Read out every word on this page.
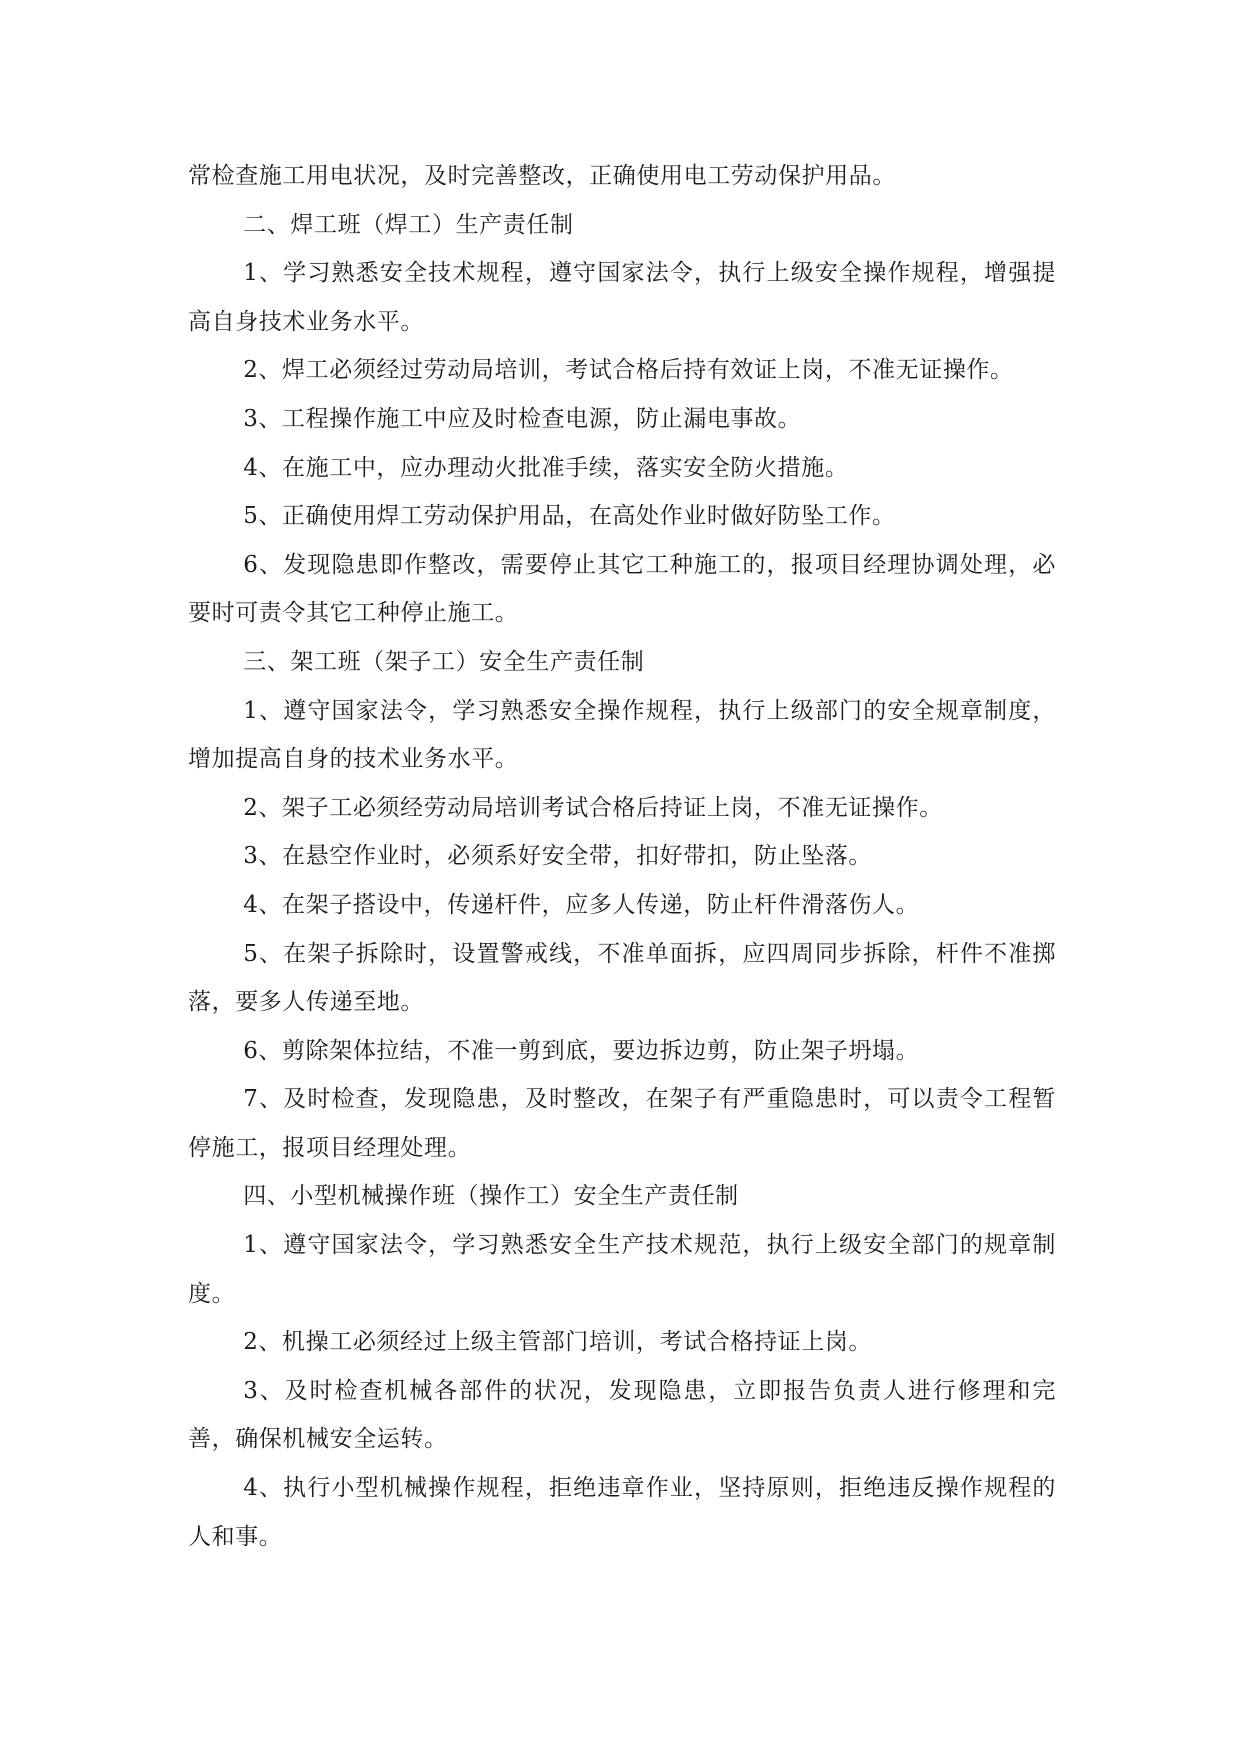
常检查施工用电状况，及时完善整改，正确使用电工劳动保护用品。

二、焊工班（焊工）生产责任制

1、学习熟悉安全技术规程，遵守国家法令，执行上级安全操作规程，增强提高自身技术业务水平。

2、焊工必须经过劳动局培训，考试合格后持有效证上岗，不准无证操作。

3、工程操作施工中应及时检查电源，防止漏电事故。

4、在施工中，应办理动火批准手续，落实安全防火措施。

5、正确使用焊工劳动保护用品，在高处作业时做好防坠工作。

6、发现隐患即作整改，需要停止其它工种施工的，报项目经理协调处理，必要时可责令其它工种停止施工。

三、架工班（架子工）安全生产责任制

1、遵守国家法令，学习熟悉安全操作规程，执行上级部门的安全规章制度，增加提高自身的技术业务水平。

2、架子工必须经劳动局培训考试合格后持证上岗，不准无证操作。

3、在悬空作业时，必须系好安全带，扣好带扣，防止坠落。

4、在架子搭设中，传递杆件，应多人传递，防止杆件滑落伤人。

5、在架子拆除时，设置警戒线，不准单面拆，应四周同步拆除，杆件不准掷落，要多人传递至地。

6、剪除架体拉结，不准一剪到底，要边拆边剪，防止架子坍塌。

7、及时检查，发现隐患，及时整改，在架子有严重隐患时，可以责令工程暂停施工，报项目经理处理。

四、小型机械操作班（操作工）安全生产责任制

1、遵守国家法令，学习熟悉安全生产技术规范，执行上级安全部门的规章制度。

2、机操工必须经过上级主管部门培训，考试合格持证上岗。

3、及时检查机械各部件的状况，发现隐患，立即报告负责人进行修理和完善，确保机械安全运转。

4、执行小型机械操作规程，拒绝违章作业，坚持原则，拒绝违反操作规程的人和事。
